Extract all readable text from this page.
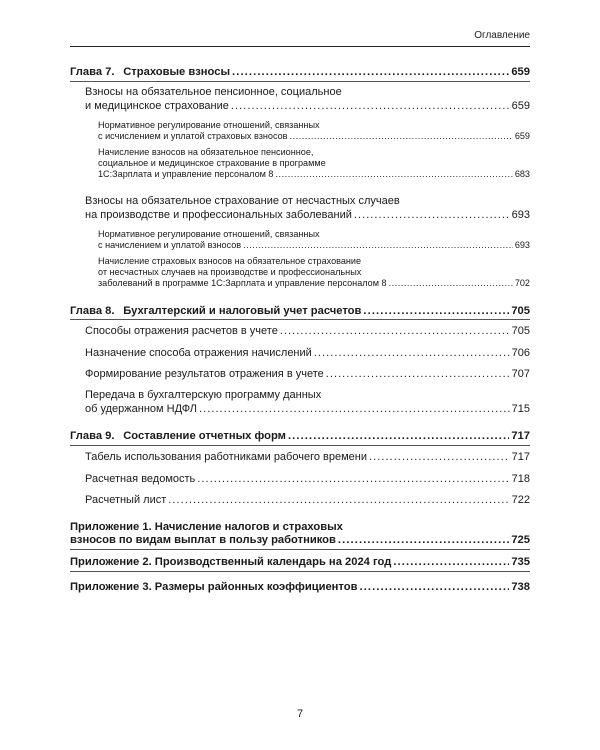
Оглавление
Глава 7.  Страховые взносы . . .	659
Взносы на обязательное пенсионное, социальное
и медицинское страхование . . .	659
Нормативное регулирование отношений, связанных
с исчислением и уплатой страховых взносов . . .	659
Начисление взносов на обязательное пенсионное,
социальное и медицинское страхование в программе
1С:Зарплата и управление персоналом 8 . . .	683
Взносы на обязательное страхование от несчастных случаев
на производстве и профессиональных заболеваний . . .	693
Нормативное регулирование отношений, связанных
с начислением и уплатой взносов . . .	693
Начисление страховых взносов на обязательное страхование
от несчастных случаев на производстве и профессиональных
заболеваний в программе 1С:Зарплата и управление персоналом 8 . . .	702
Глава 8.  Бухгалтерский и налоговый учет расчетов . . .	705
Способы отражения расчетов в учете . . .	705
Назначение способа отражения начислений . . .	706
Формирование результатов отражения в учете . . .	707
Передача в бухгалтерскую программу данных
об удержанном НДФЛ . . .	715
Глава 9.  Составление отчетных форм . . .	717
Табель использования работниками рабочего времени . . .	717
Расчетная ведомость . . .	718
Расчетный лист . . .	722
Приложение 1. Начисление налогов и страховых
взносов по видам выплат в пользу работников . . .	725
Приложение 2. Производственный календарь на 2024 год . . .	735
Приложение 3. Размеры районных коэффициентов . . .	738
7
